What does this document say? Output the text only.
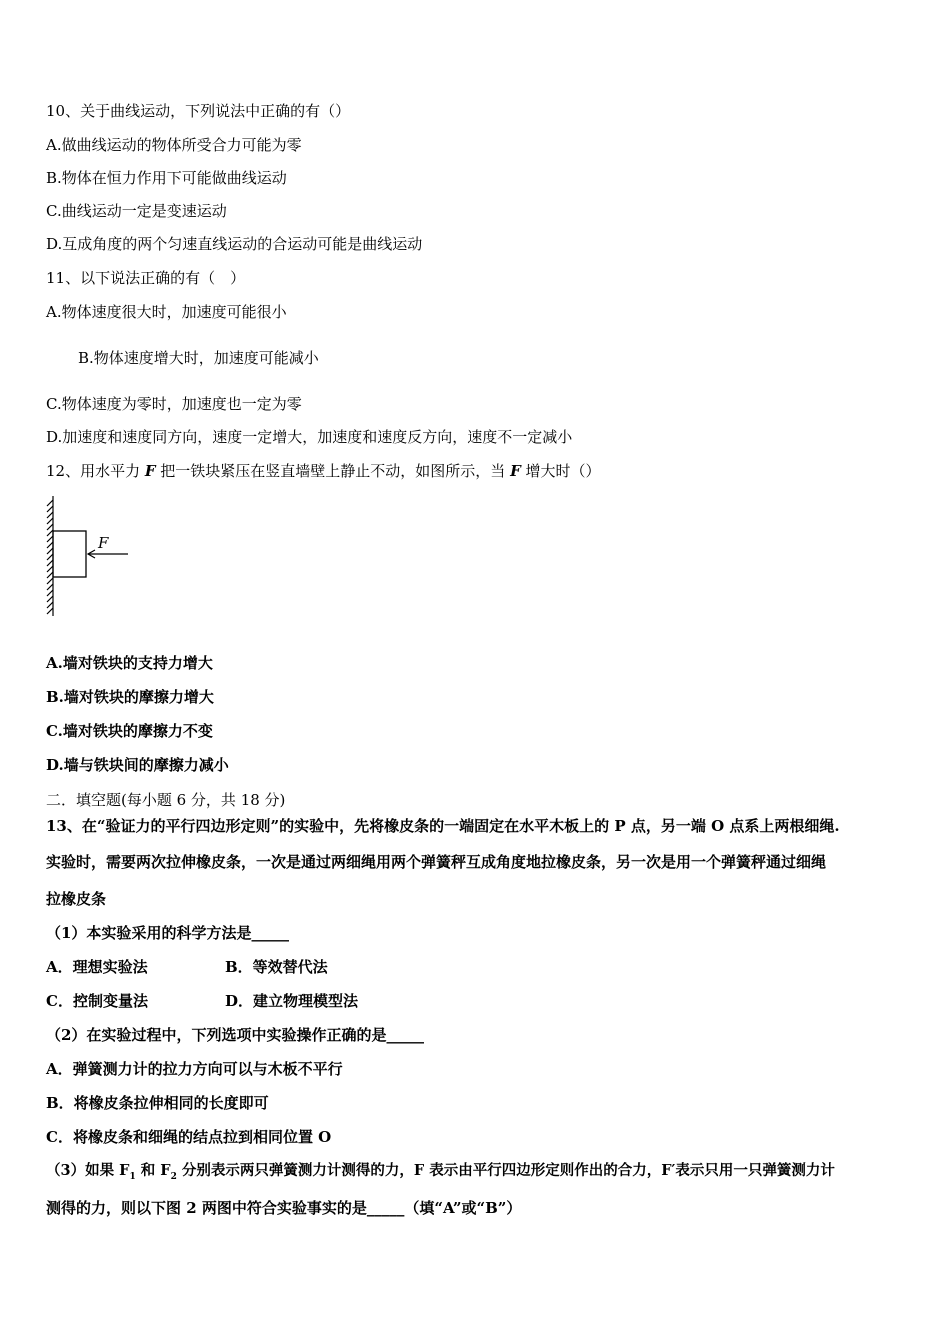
10、关于曲线运动，下列说法中正确的有（）
A.做曲线运动的物体所受合力可能为零
B.物体在恒力作用下可能做曲线运动
C.曲线运动一定是变速运动
D.互成角度的两个匀速直线运动的合运动可能是曲线运动
11、以下说法正确的有（　）
A.物体速度很大时，加速度可能很小
B.物体速度增大时，加速度可能减小
C.物体速度为零时，加速度也一定为零
D.加速度和速度同方向，速度一定增大，加速度和速度反方向，速度不一定减小
12、用水平力 F 把一铁块紧压在竖直墙壁上静止不动，如图所示，当 F 增大时（）
F
A.墙对铁块的支持力增大
B.墙对铁块的摩擦力增大
C.墙对铁块的摩擦力不变
D.墙与铁块间的摩擦力减小
二．填空题(每小题 6 分，共 18 分)
13、在“验证力的平行四边形定则”的实验中，先将橡皮条的一端固定在水平木板上的 P 点，另一端 O 点系上两根细绳.
实验时，需要两次拉伸橡皮条，一次是通过两细绳用两个弹簧秤互成角度地拉橡皮条，另一次是用一个弹簧秤通过细绳
拉橡皮条
（1）本实验采用的科学方法是_____
A．理想实验法	B．等效替代法
C．控制变量法	D．建立物理模型法
（2）在实验过程中，下列选项中实验操作正确的是_____
A．弹簧测力计的拉力方向可以与木板不平行
B．将橡皮条拉伸相同的长度即可
C．将橡皮条和细绳的结点拉到相同位置 O
（3）如果 $F_1$ 和 $F_2$ 分别表示两只弹簧测力计测得的力，F 表示由平行四边形定则作出的合力，F′表示只用一只弹簧测力计
测得的力，则以下图 2 两图中符合实验事实的是_____（填“A”或“B”）
